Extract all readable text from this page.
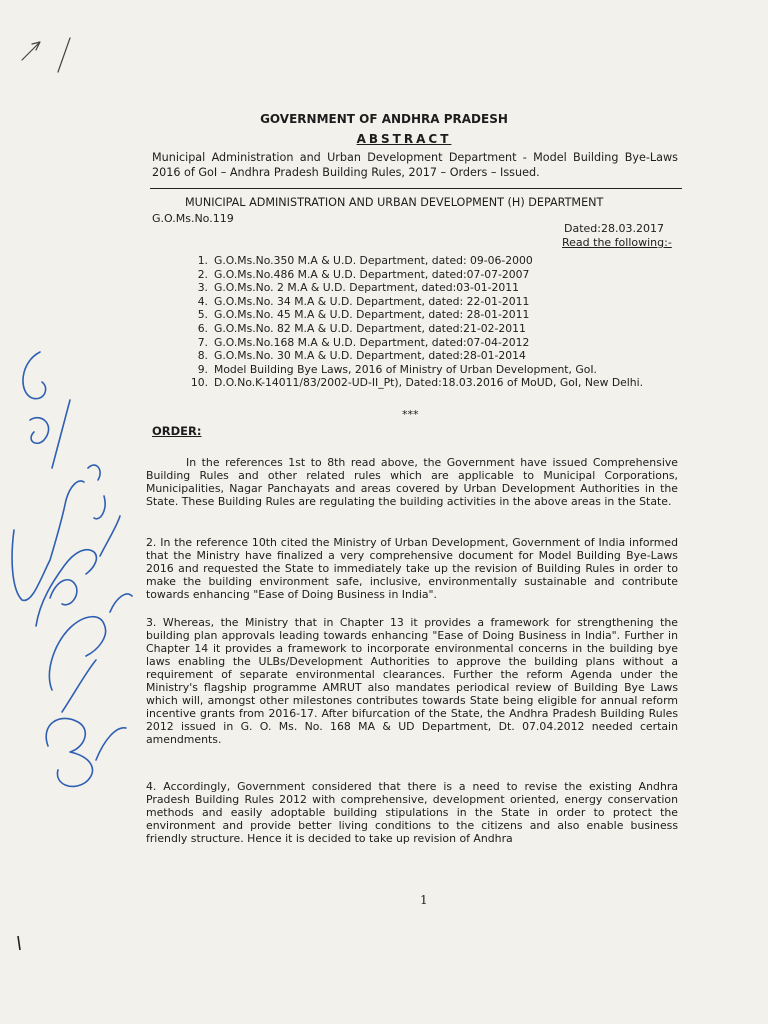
GOVERNMENT OF ANDHRA PRADESH
ABSTRACT
Municipal Administration and Urban Development Department - Model Building Bye-Laws 2016 of GoI – Andhra Pradesh Building Rules, 2017 – Orders – Issued.
MUNICIPAL ADMINISTRATION AND URBAN DEVELOPMENT (H) DEPARTMENT
G.O.Ms.No.119
Dated:28.03.2017
Read the following:-
1. G.O.Ms.No.350 M.A & U.D. Department, dated: 09-06-2000
2. G.O.Ms.No.486 M.A & U.D. Department, dated:07-07-2007
3. G.O.Ms.No. 2 M.A & U.D. Department, dated:03-01-2011
4. G.O.Ms.No. 34 M.A & U.D. Department, dated: 22-01-2011
5. G.O.Ms.No. 45 M.A & U.D. Department, dated: 28-01-2011
6. G.O.Ms.No. 82 M.A & U.D. Department, dated:21-02-2011
7. G.O.Ms.No.168 M.A & U.D. Department, dated:07-04-2012
8. G.O.Ms.No. 30 M.A & U.D. Department, dated:28-01-2014
9. Model Building Bye Laws, 2016 of Ministry of Urban Development, GoI.
10. D.O.No.K-14011/83/2002-UD-II_Pt), Dated:18.03.2016 of MoUD, GoI, New Delhi.
***
ORDER:

In the references 1st to 8th read above, the Government have issued Comprehensive Building Rules and other related rules which are applicable to Municipal Corporations, Municipalities, Nagar Panchayats and areas covered by Urban Development Authorities in the State. These Building Rules are regulating the building activities in the above areas in the State.

2. In the reference 10th cited the Ministry of Urban Development, Government of India informed that the Ministry have finalized a very comprehensive document for Model Building Bye-Laws 2016 and requested the State to immediately take up the revision of Building Rules in order to make the building environment safe, inclusive, environmentally sustainable and contribute towards enhancing "Ease of Doing Business in India".

3. Whereas, the Ministry that in Chapter 13 it provides a framework for strengthening the building plan approvals leading towards enhancing "Ease of Doing Business in India". Further in Chapter 14 it provides a framework to incorporate environmental concerns in the building bye laws enabling the ULBs/Development Authorities to approve the building plans without a requirement of separate environmental clearances. Further the reform Agenda under the Ministry's flagship programme AMRUT also mandates periodical review of Building Bye Laws which will, amongst other milestones contributes towards State being eligible for annual reform incentive grants from 2016-17. After bifurcation of the State, the Andhra Pradesh Building Rules 2012 issued in G. O. Ms. No. 168 MA & UD Department, Dt. 07.04.2012 needed certain amendments.

4. Accordingly, Government considered that there is a need to revise the existing Andhra Pradesh Building Rules 2012 with comprehensive, development oriented, energy conservation methods and easily adoptable building stipulations in the State in order to protect the environment and provide better living conditions to the citizens and also enable business friendly structure. Hence it is decided to take up revision of Andhra

1
